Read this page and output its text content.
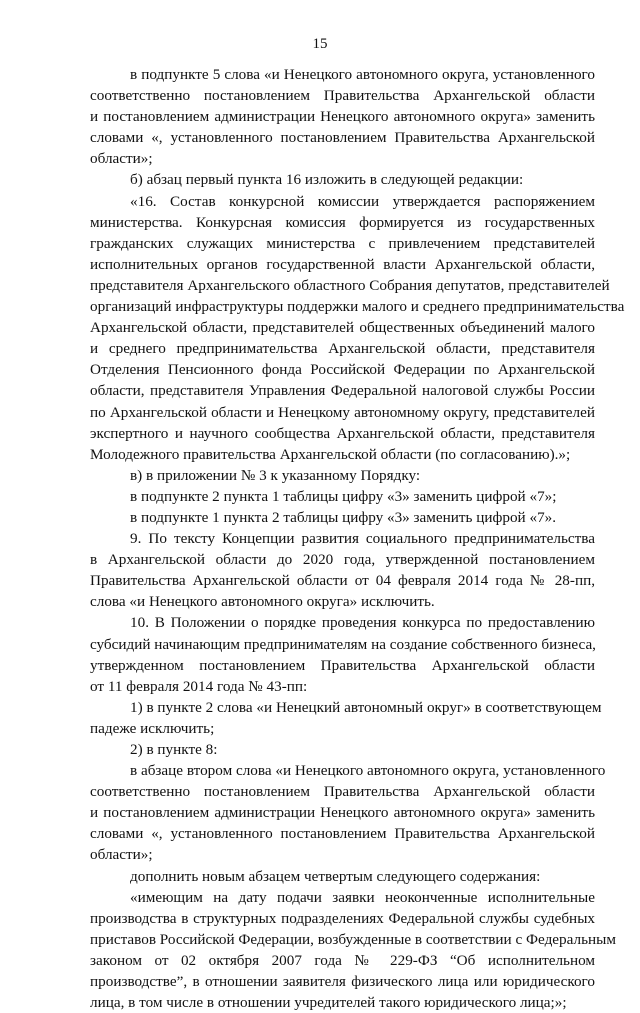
15
в подпункте 5 слова «и Ненецкого автономного округа, установленного
соответственно постановлением Правительства Архангельской области
и постановлением администрации Ненецкого автономного округа» заменить
словами «, установленного постановлением Правительства Архангельской
области»;
б) абзац первый пункта 16 изложить в следующей редакции:
«16. Состав конкурсной комиссии утверждается распоряжением
министерства. Конкурсная комиссия формируется из государственных
гражданских служащих министерства с привлечением представителей
исполнительных органов государственной власти Архангельской области,
представителя Архангельского областного Собрания депутатов, представителей
организаций инфраструктуры поддержки малого и среднего предпринимательства
Архангельской области, представителей общественных объединений малого
и среднего предпринимательства Архангельской области, представителя
Отделения Пенсионного фонда Российской Федерации по Архангельской
области, представителя Управления Федеральной налоговой службы России
по Архангельской области и Ненецкому автономному округу, представителей
экспертного и научного сообщества Архангельской области, представителя
Молодежного правительства Архангельской области (по согласованию).»;
в) в приложении № 3 к указанному Порядку:
в подпункте 2 пункта 1 таблицы цифру «3» заменить цифрой «7»;
в подпункте 1 пункта 2 таблицы цифру «3» заменить цифрой «7».
9. По тексту Концепции развития социального предпринимательства
в Архангельской области до 2020 года, утвержденной постановлением
Правительства Архангельской области от 04 февраля 2014 года № 28-пп,
слова «и Ненецкого автономного округа» исключить.
10. В Положении о порядке проведения конкурса по предоставлению
субсидий начинающим предпринимателям на создание собственного бизнеса,
утвержденном постановлением Правительства Архангельской области
от 11 февраля 2014 года № 43-пп:
1) в пункте 2 слова «и Ненецкий автономный округ» в соответствующем
падеже исключить;
2) в пункте 8:
в абзаце втором слова «и Ненецкого автономного округа, установленного
соответственно постановлением Правительства Архангельской области
и постановлением администрации Ненецкого автономного округа» заменить
словами «, установленного постановлением Правительства Архангельской
области»;
дополнить новым абзацем четвертым следующего содержания:
«имеющим на дату подачи заявки неоконченные исполнительные
производства в структурных подразделениях Федеральной службы судебных
приставов Российской Федерации, возбужденные в соответствии с Федеральным
законом от 02 октября 2007 года № 229-ФЗ “Об исполнительном
производстве”, в отношении заявителя физического лица или юридического
лица, в том числе в отношении учредителей такого юридического лица;»;
